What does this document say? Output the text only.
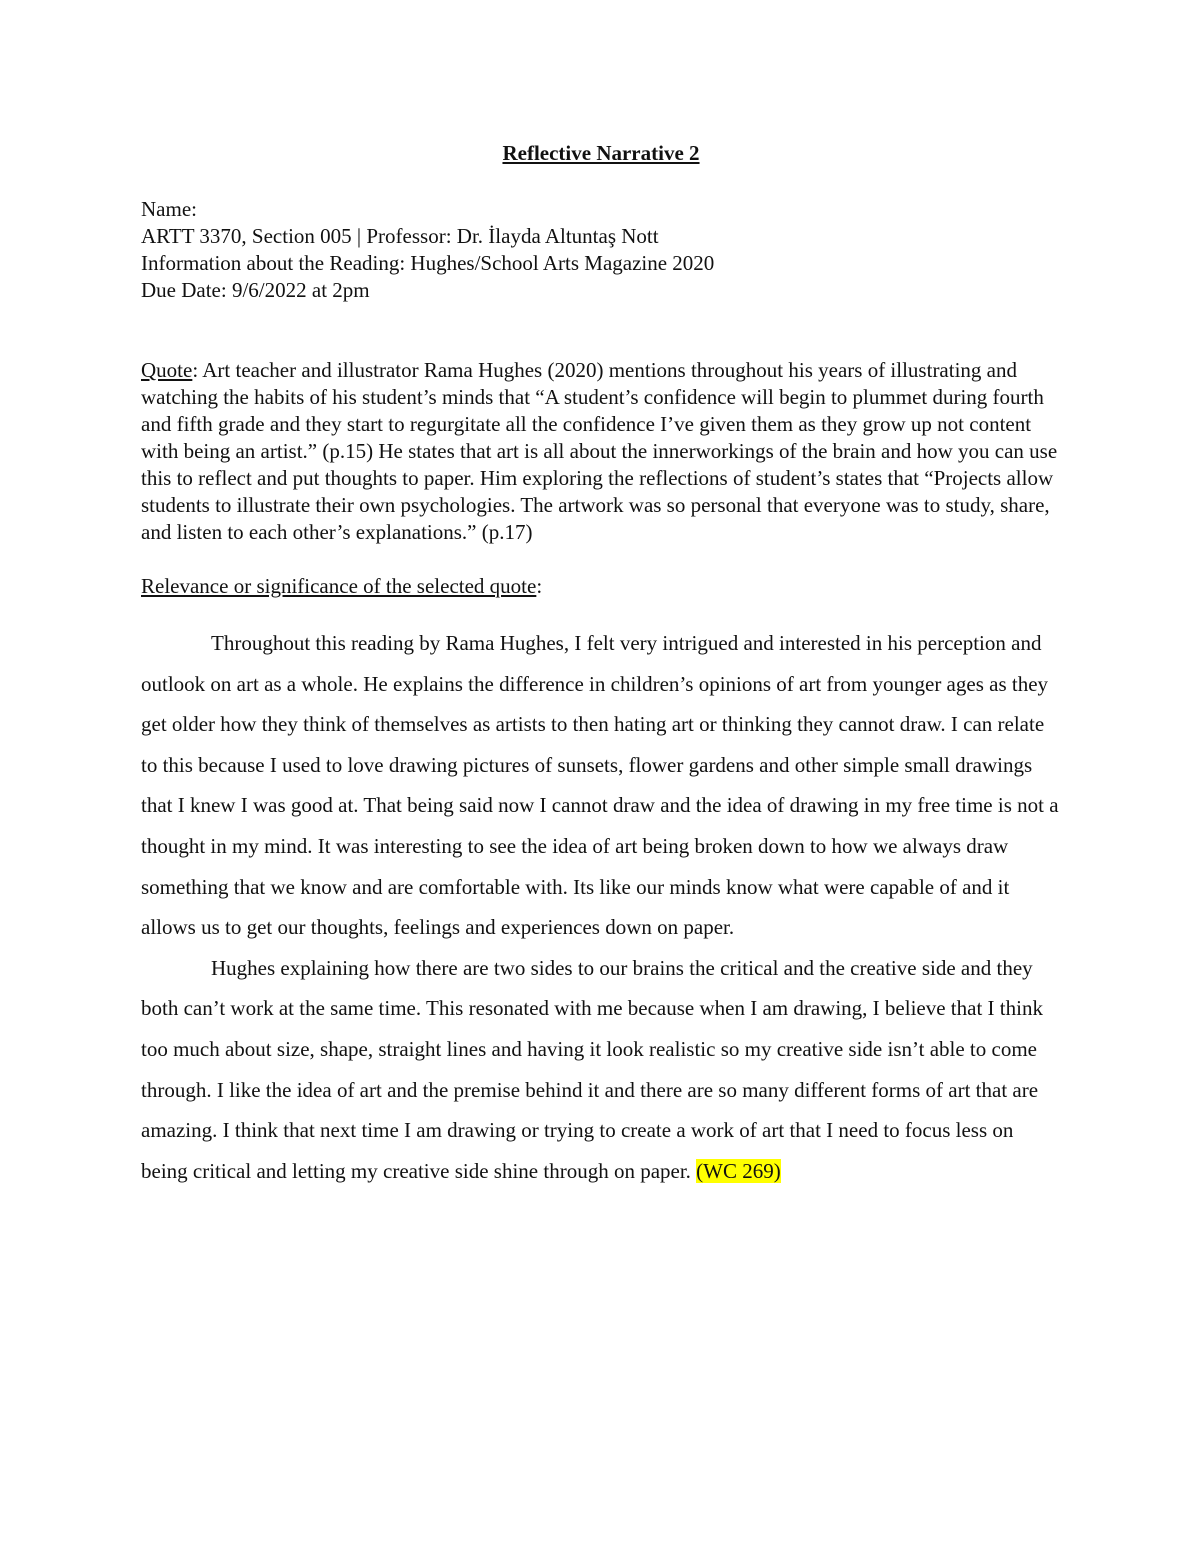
Reflective Narrative 2
Name:
ARTT 3370, Section 005 | Professor: Dr. İlayda Altuntaş Nott
Information about the Reading: Hughes/School Arts Magazine 2020
Due Date: 9/6/2022 at 2pm
Quote: Art teacher and illustrator Rama Hughes (2020) mentions throughout his years of illustrating and watching the habits of his student’s minds that “A student’s confidence will begin to plummet during fourth and fifth grade and they start to regurgitate all the confidence I’ve given them as they grow up not content with being an artist.” (p.15) He states that art is all about the innerworkings of the brain and how you can use this to reflect and put thoughts to paper. Him exploring the reflections of student’s states that “Projects allow students to illustrate their own psychologies. The artwork was so personal that everyone was to study, share, and listen to each other’s explanations.” (p.17)
Relevance or significance of the selected quote:

Throughout this reading by Rama Hughes, I felt very intrigued and interested in his perception and outlook on art as a whole. He explains the difference in children’s opinions of art from younger ages as they get older how they think of themselves as artists to then hating art or thinking they cannot draw. I can relate to this because I used to love drawing pictures of sunsets, flower gardens and other simple small drawings that I knew I was good at. That being said now I cannot draw and the idea of drawing in my free time is not a thought in my mind. It was interesting to see the idea of art being broken down to how we always draw something that we know and are comfortable with. Its like our minds know what were capable of and it allows us to get our thoughts, feelings and experiences down on paper.

Hughes explaining how there are two sides to our brains the critical and the creative side and they both can’t work at the same time. This resonated with me because when I am drawing, I believe that I think too much about size, shape, straight lines and having it look realistic so my creative side isn’t able to come through. I like the idea of art and the premise behind it and there are so many different forms of art that are amazing. I think that next time I am drawing or trying to create a work of art that I need to focus less on being critical and letting my creative side shine through on paper. (WC 269)
